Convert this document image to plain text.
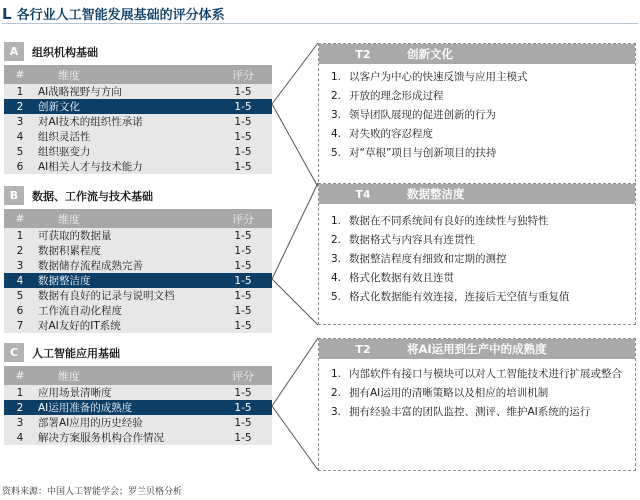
L 各行业人工智能发展基础的评分体系
A	组织机构基础
#	维度	评分
1	AI战略视野与方向	1-5
2	创新文化	1-5
3	对AI技术的组织性承诺	1-5
4	组织灵活性	1-5
5	组织驱变力	1-5
6	AI相关人才与技术能力	1-5
B	数据、工作流与技术基础
#	维度	评分
1	可获取的数据量	1-5
2	数据积累程度	1-5
3	数据储存流程成熟完善	1-5
4	数据整洁度	1-5
5	数据有良好的记录与说明文档	1-5
6	工作流自动化程度	1-5
7	对AI友好的IT系统	1-5
C	人工智能应用基础
#	维度	评分
1	应用场景清晰度	1-5
2	AI运用准备的成熟度	1-5
3	部署AI应用的历史经验	1-5
4	解决方案服务机构合作情况	1-5
T2	创新文化
1. 以客户为中心的快速反馈与应用主模式
2. 开放的理念形成过程
3. 领导团队展现的促进创新的行为
4. 对失败的容忍程度
5. 对“草根”项目与创新项目的扶持
T4	数据整洁度
1. 数据在不同系统间有良好的连续性与独特性
2. 数据格式与内容具有连贯性
3. 数据整洁程度有细致和定期的测控
4. 格式化数据有效且连贯
5. 格式化数据能有效连接，连接后无空值与重复值
T2	将AI运用到生产中的成熟度
1. 内部软件有接口与模块可以对人工智能技术进行扩展或整合
2. 拥有AI运用的清晰策略以及相应的培训机制
3. 拥有经验丰富的团队监控、测评、维护AI系统的运行
资料来源：中国人工智能学会；罗兰贝格分析
